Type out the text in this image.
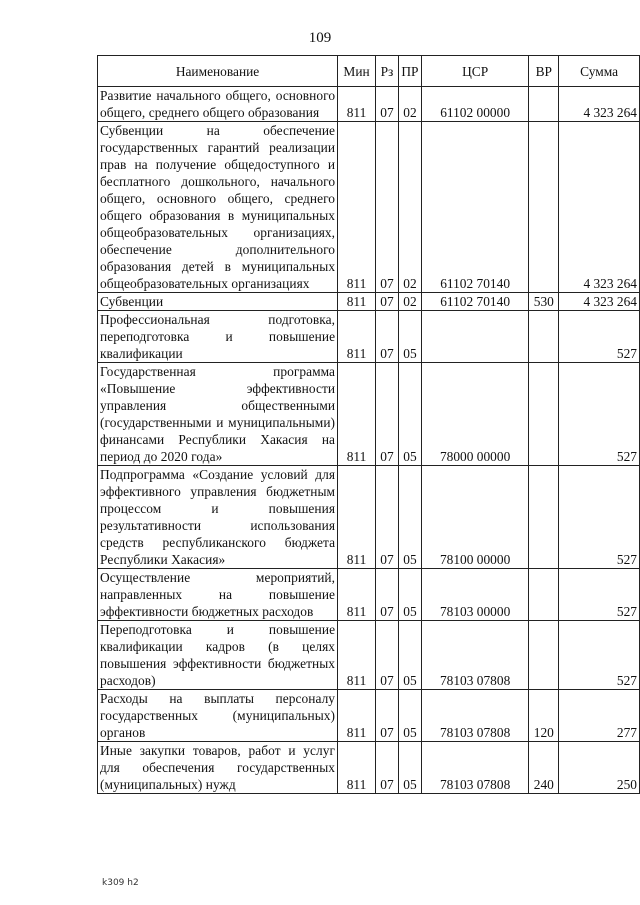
109
Наименование	Мин	Рз	ПР	ЦСР	ВР	Сумма
Развитие начального общего, основного общего, среднего общего образования	811	07	02	61102 00000		4 323 264
Субвенции на обеспечение государственных гарантий реализации прав на получение общедоступного и бесплатного дошкольного, начального общего, основного общего, среднего общего образования в муниципальных общеобразовательных организациях, обеспечение дополнительного образования детей в муниципальных общеобразовательных организациях	811	07	02	61102 70140		4 323 264
Субвенции	811	07	02	61102 70140	530	4 323 264
Профессиональная подготовка, переподготовка и повышение квалификации	811	07	05			527
Государственная программа «Повышение эффективности управления общественными (государственными и муниципальными) финансами Республики Хакасия на период до 2020 года»	811	07	05	78000 00000		527
Подпрограмма «Создание условий для эффективного управления бюджетным процессом и повышения результативности использования средств республиканского бюджета Республики Хакасия»	811	07	05	78100 00000		527
Осуществление мероприятий, направленных на повышение эффективности бюджетных расходов	811	07	05	78103 00000		527
Переподготовка и повышение квалификации кадров (в целях повышения эффективности бюджетных расходов)	811	07	05	78103 07808		527
Расходы на выплаты персоналу государственных (муниципальных) органов	811	07	05	78103 07808	120	277
Иные закупки товаров, работ и услуг для обеспечения государственных (муниципальных) нужд	811	07	05	78103 07808	240	250
k309 h2
